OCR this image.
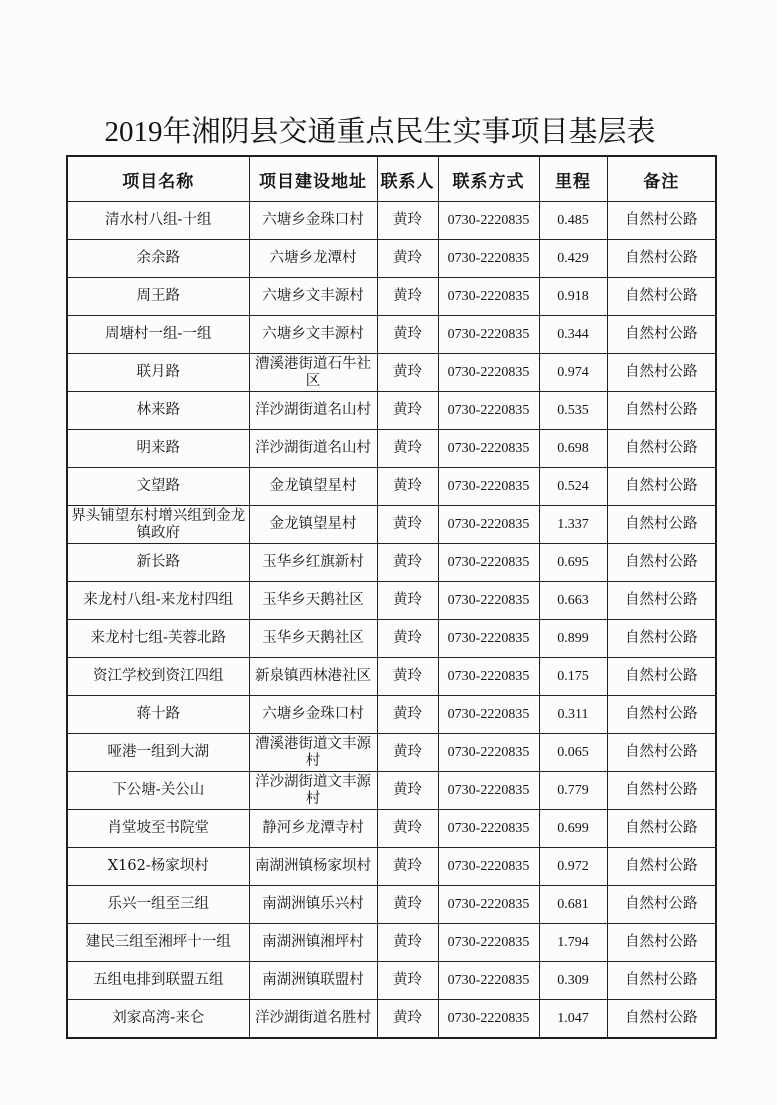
2019年湘阴县交通重点民生实事项目基层表
项目名称	项目建设地址	联系人	联系方式	里程	备注
清水村八组-十组	六塘乡金珠口村	黄玲	0730-2220835	0.485	自然村公路
余余路	六塘乡龙潭村	黄玲	0730-2220835	0.429	自然村公路
周王路	六塘乡文丰源村	黄玲	0730-2220835	0.918	自然村公路
周塘村一组-一组	六塘乡文丰源村	黄玲	0730-2220835	0.344	自然村公路
联月路	漕溪港街道石牛社区	黄玲	0730-2220835	0.974	自然村公路
林来路	洋沙湖街道名山村	黄玲	0730-2220835	0.535	自然村公路
明来路	洋沙湖街道名山村	黄玲	0730-2220835	0.698	自然村公路
文望路	金龙镇望星村	黄玲	0730-2220835	0.524	自然村公路
界头铺望东村增兴组到金龙镇政府	金龙镇望星村	黄玲	0730-2220835	1.337	自然村公路
新长路	玉华乡红旗新村	黄玲	0730-2220835	0.695	自然村公路
来龙村八组-来龙村四组	玉华乡天鹅社区	黄玲	0730-2220835	0.663	自然村公路
来龙村七组-芙蓉北路	玉华乡天鹅社区	黄玲	0730-2220835	0.899	自然村公路
资江学校到资江四组	新泉镇西林港社区	黄玲	0730-2220835	0.175	自然村公路
蒋十路	六塘乡金珠口村	黄玲	0730-2220835	0.311	自然村公路
哑港一组到大湖	漕溪港街道文丰源村	黄玲	0730-2220835	0.065	自然村公路
下公塘-关公山	洋沙湖街道文丰源村	黄玲	0730-2220835	0.779	自然村公路
肖堂坡至书院堂	静河乡龙潭寺村	黄玲	0730-2220835	0.699	自然村公路
X162-杨家坝村	南湖洲镇杨家坝村	黄玲	0730-2220835	0.972	自然村公路
乐兴一组至三组	南湖洲镇乐兴村	黄玲	0730-2220835	0.681	自然村公路
建民三组至湘坪十一组	南湖洲镇湘坪村	黄玲	0730-2220835	1.794	自然村公路
五组电排到联盟五组	南湖洲镇联盟村	黄玲	0730-2220835	0.309	自然村公路
刘家高湾-来仑	洋沙湖街道名胜村	黄玲	0730-2220835	1.047	自然村公路
